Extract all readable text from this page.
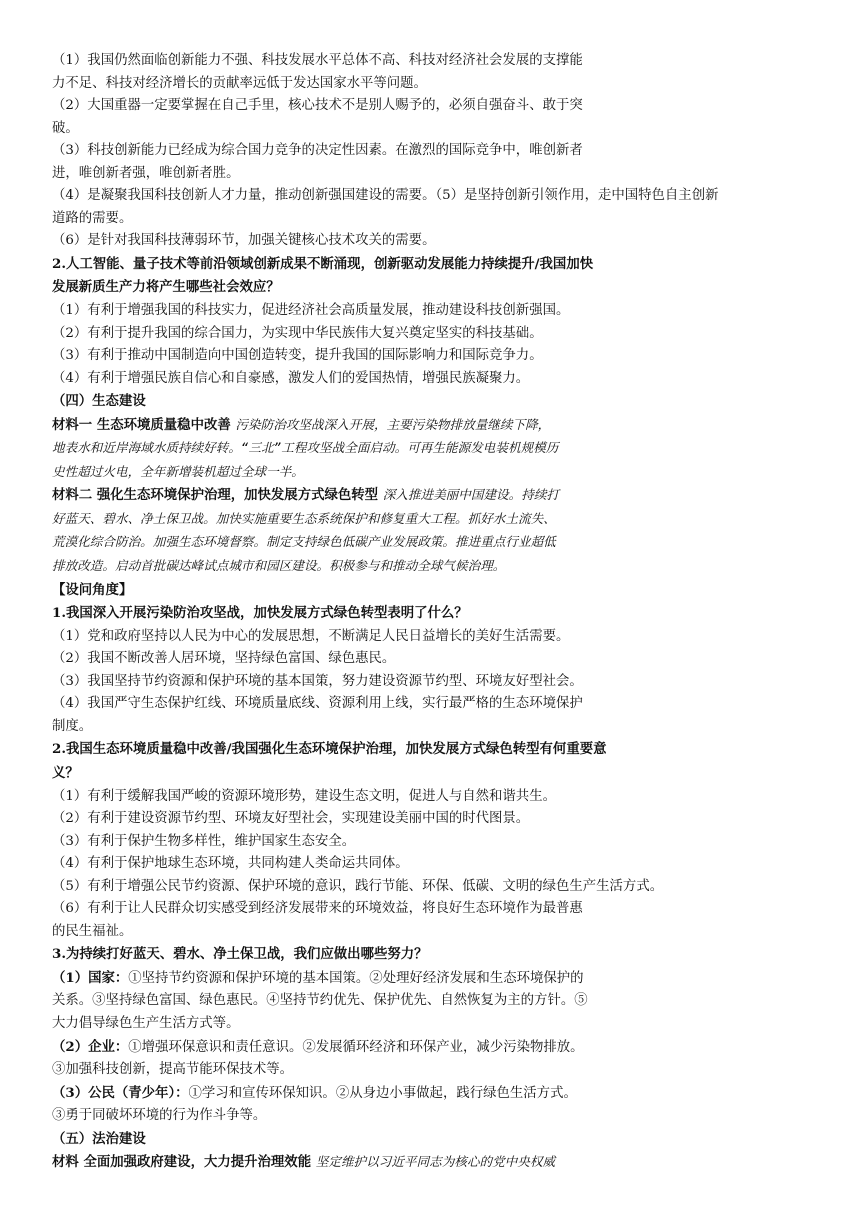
（1）我国仍然面临创新能力不强、科技发展水平总体不高、科技对经济社会发展的支撑能
力不足、科技对经济增长的贡献率远低于发达国家水平等问题。
（2）大国重器一定要掌握在自己手里，核心技术不是别人赐予的，必须自强奋斗、敢于突
破。
（3）科技创新能力已经成为综合国力竞争的决定性因素。在激烈的国际竞争中，唯创新者
进，唯创新者强，唯创新者胜。
（4）是凝聚我国科技创新人才力量，推动创新强国建设的需要。（5）是坚持创新引领作用，走中国特色自主创新
道路的需要。
（6）是针对我国科技薄弱环节，加强关键核心技术攻关的需要。
2.人工智能、量子技术等前沿领域创新成果不断涌现，创新驱动发展能力持续提升/我国加快
发展新质生产力将产生哪些社会效应？
（1）有利于增强我国的科技实力，促进经济社会高质量发展，推动建设科技创新强国。
（2）有利于提升我国的综合国力，为实现中华民族伟大复兴奠定坚实的科技基础。
（3）有利于推动中国制造向中国创造转变，提升我国的国际影响力和国际竞争力。
（4）有利于增强民族自信心和自豪感，激发人们的爱国热情，增强民族凝聚力。
（四）生态建设
材料一 生态环境质量稳中改善 污染防治攻坚战深入开展，主要污染物排放量继续下降，
地表水和近岸海域水质持续好转。“三北”工程攻坚战全面启动。可再生能源发电装机规模历
史性超过火电，全年新增装机超过全球一半。
材料二 强化生态环境保护治理，加快发展方式绿色转型 深入推进美丽中国建设。持续打
好蓝天、碧水、净土保卫战。加快实施重要生态系统保护和修复重大工程。抓好水土流失、
荒漠化综合防治。加强生态环境督察。制定支持绿色低碳产业发展政策。推进重点行业超低
排放改造。启动首批碳达峰试点城市和园区建设。积极参与和推动全球气候治理。
【设问角度】
1.我国深入开展污染防治攻坚战，加快发展方式绿色转型表明了什么？
（1）党和政府坚持以人民为中心的发展思想，不断满足人民日益增长的美好生活需要。
（2）我国不断改善人居环境，坚持绿色富国、绿色惠民。
（3）我国坚持节约资源和保护环境的基本国策，努力建设资源节约型、环境友好型社会。
（4）我国严守生态保护红线、环境质量底线、资源利用上线，实行最严格的生态环境保护
制度。
2.我国生态环境质量稳中改善/我国强化生态环境保护治理，加快发展方式绿色转型有何重要意
义？
（1）有利于缓解我国严峻的资源环境形势，建设生态文明，促进人与自然和谐共生。
（2）有利于建设资源节约型、环境友好型社会，实现建设美丽中国的时代图景。
（3）有利于保护生物多样性，维护国家生态安全。
（4）有利于保护地球生态环境，共同构建人类命运共同体。
（5）有利于增强公民节约资源、保护环境的意识，践行节能、环保、低碳、文明的绿色生产生活方式。
（6）有利于让人民群众切实感受到经济发展带来的环境效益，将良好生态环境作为最普惠
的民生福祉。
3.为持续打好蓝天、碧水、净土保卫战，我们应做出哪些努力？
（1）国家：①坚持节约资源和保护环境的基本国策。②处理好经济发展和生态环境保护的
关系。③坚持绿色富国、绿色惠民。④坚持节约优先、保护优先、自然恢复为主的方针。⑤
大力倡导绿色生产生活方式等。
（2）企业：①增强环保意识和责任意识。②发展循环经济和环保产业，减少污染物排放。
③加强科技创新，提高节能环保技术等。
（3）公民（青少年）：①学习和宣传环保知识。②从身边小事做起，践行绿色生活方式。
③勇于同破坏环境的行为作斗争等。
（五）法治建设
材料 全面加强政府建设，大力提升治理效能 坚定维护以习近平同志为核心的党中央权威
